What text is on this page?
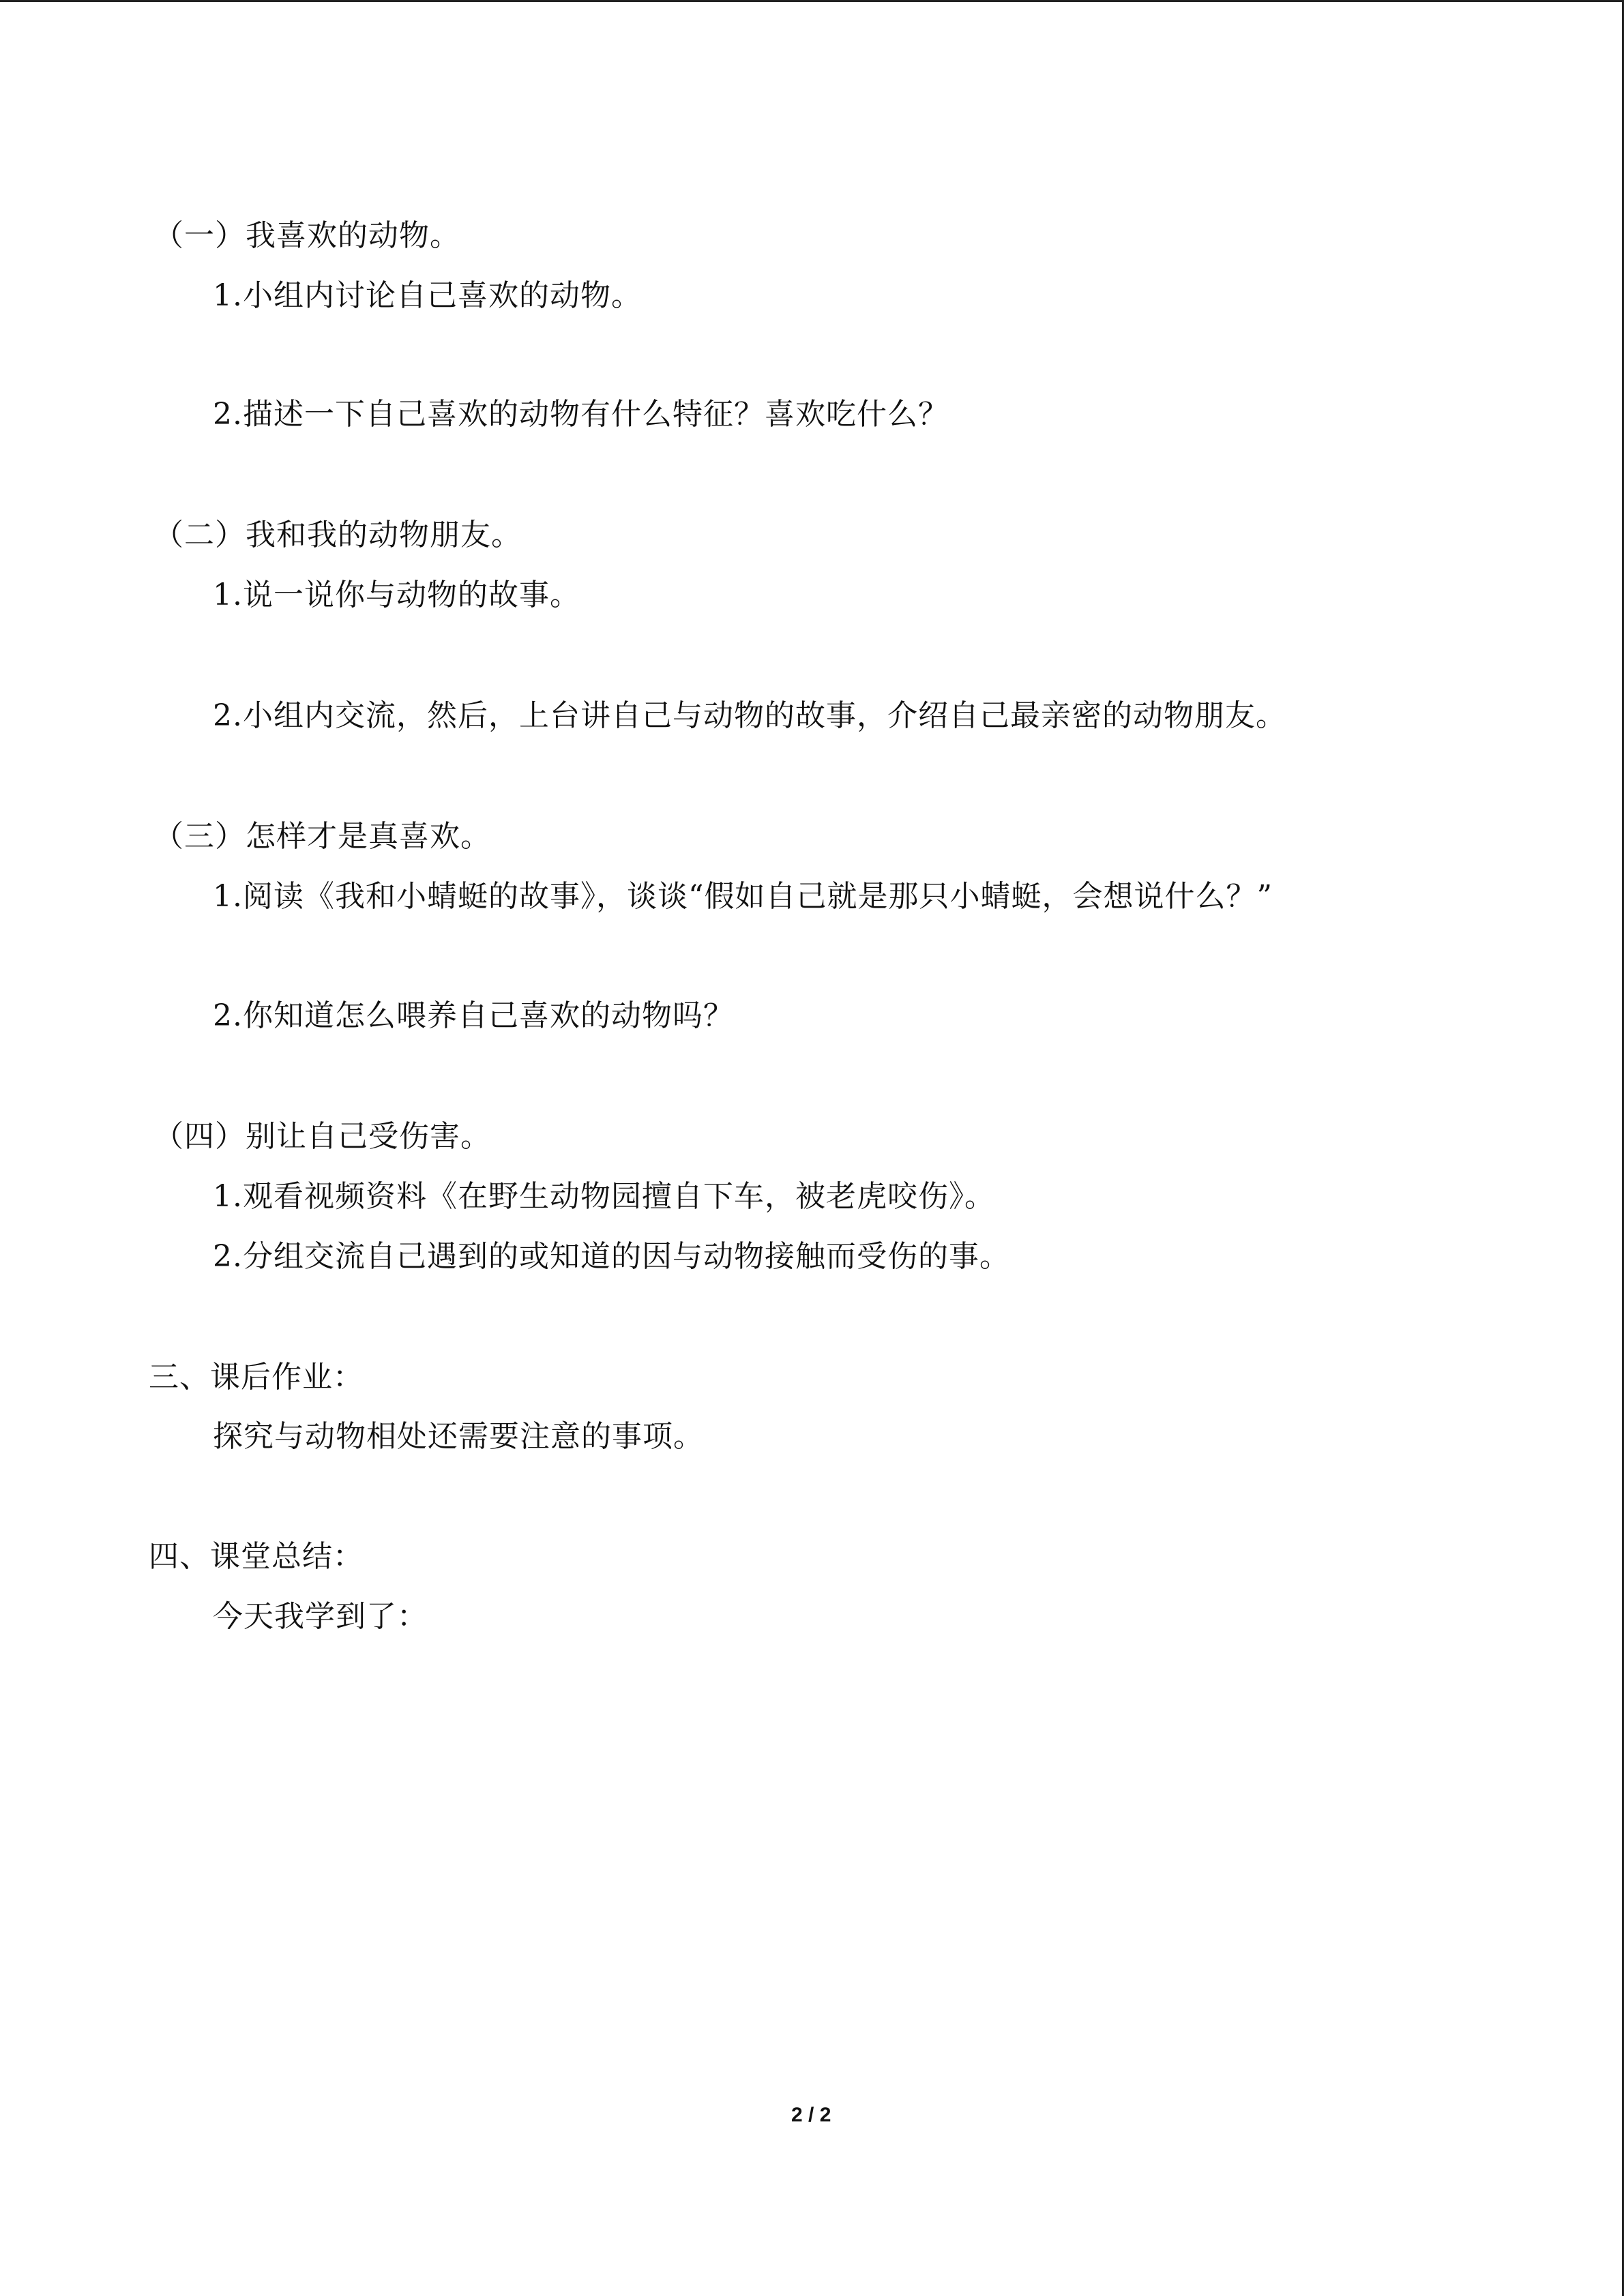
（一）我喜欢的动物。
1.小组内讨论自己喜欢的动物。
2.描述一下自己喜欢的动物有什么特征？喜欢吃什么？
（二）我和我的动物朋友。
1.说一说你与动物的故事。
2.小组内交流，然后，上台讲自己与动物的故事，介绍自己最亲密的动物朋友。
（三）怎样才是真喜欢。
1.阅读《我和小蜻蜓的故事》，谈谈“假如自己就是那只小蜻蜓，会想说什么？”
2.你知道怎么喂养自己喜欢的动物吗？
（四）别让自己受伤害。
1.观看视频资料《在野生动物园擅自下车，被老虎咬伤》。
2.分组交流自己遇到的或知道的因与动物接触而受伤的事。
三、课后作业：
探究与动物相处还需要注意的事项。
四、课堂总结：
今天我学到了：
2 / 2
